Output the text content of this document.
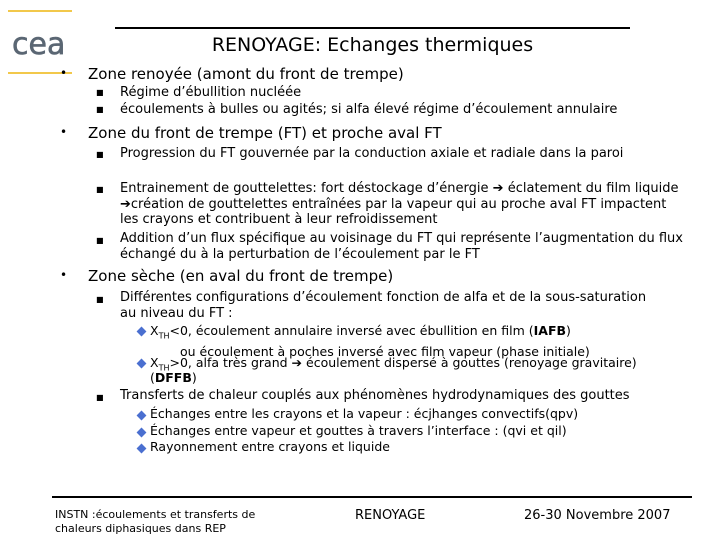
cea	RENOYAGE: Echanges thermiques
• Zone renoyée (amont du front de trempe)
■ Régime d’ébullition nucléée
■ écoulements à bulles ou agités; si alfa élevé régime d’écoulement annulaire
• Zone du front de trempe (FT) et proche aval FT
■ Progression du FT gouvernée par la conduction axiale et radiale dans la paroi
■ Entrainement de gouttelettes: fort déstockage d’énergie ➔ éclatement du film liquide ➔création de gouttelettes entraînées par la vapeur qui au proche aval FT impactent les crayons et contribuent à leur refroidissement
■ Addition d’un flux spécifique au voisinage du FT qui représente l’augmentation du flux échangé du à la perturbation de l’écoulement par le FT
• Zone sèche (en aval du front de trempe)
■ Différentes configurations d’écoulement fonction de alfa et de la sous-saturation au niveau du FT :
$X_{TH}<0$, écoulement annulaire inversé avec ébullition en film (IAFB)
ou écoulement à poches inversé avec film vapeur (phase initiale)
$X_{TH}>0$, alfa très grand ➔ écoulement dispersé à gouttes (renoyage gravitaire)
(DFFB)
■ Transferts de chaleur couplés aux phénomènes hydrodynamiques des gouttes
Échanges entre les crayons et la vapeur : écjhanges convectifs(qpv)
Échanges entre vapeur et gouttes à travers l’interface : (qvi et qil)
Rayonnement entre crayons et liquide
INSTN :écoulements et transferts de chaleurs diphasiques dans REP
RENOYAGE	26-30 Novembre 2007
